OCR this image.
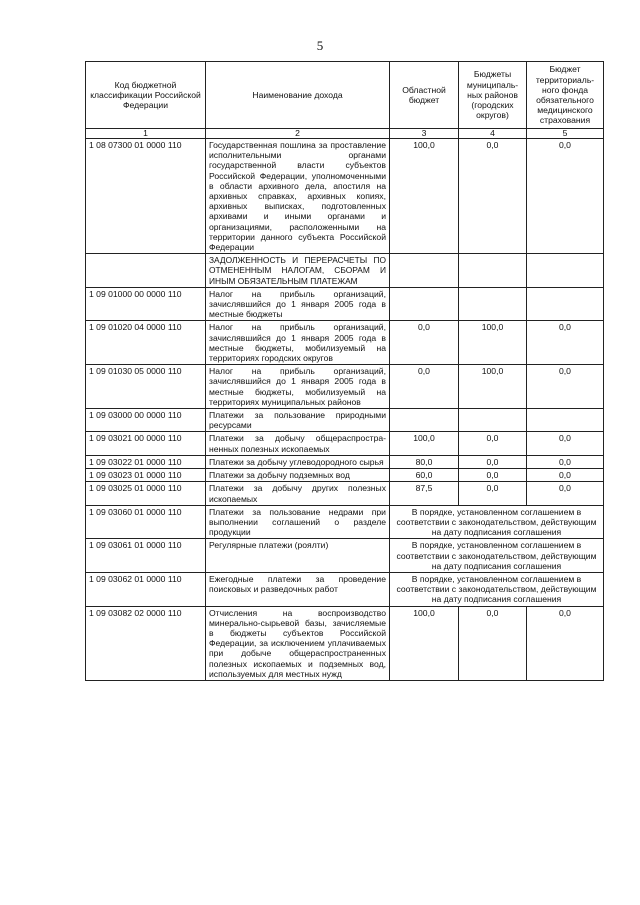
5
Код бюджетной классификации Российской Федерации	Наименование дохода	Областной бюджет	Бюджеты муниципаль-ных районов (городских округов)	Бюджет территориаль-ного фонда обязательного медицинского страхования
1	2	3	4	5
1 08 07300 01 0000 110	Государственная пошлина за проставление исполнительными органами государственной власти субъектов Российской Федерации, уполномоченными в области архивного дела, апостиля на архивных справках, архивных копиях, архивных выписках, подготовленных архивами и иными органами и организациями, расположенными на территории данного субъекта Российской Федерации	100,0	0,0	0,0
	ЗАДОЛЖЕННОСТЬ И ПЕРЕРАСЧЕТЫ ПО ОТМЕНЕННЫМ НАЛОГАМ, СБОРАМ И ИНЫМ ОБЯЗАТЕЛЬНЫМ ПЛАТЕЖАМ			
1 09 01000 00 0000 110	Налог на прибыль организаций, зачислявшийся до 1 января 2005 года в местные бюджеты			
1 09 01020 04 0000 110	Налог на прибыль организаций, зачислявшийся до 1 января 2005 года в местные бюджеты, мобилизуемый на территориях городских округов	0,0	100,0	0,0
1 09 01030 05 0000 110	Налог на прибыль организаций, зачислявшийся до 1 января 2005 года в местные бюджеты, мобилизуемый на территориях муниципальных районов	0,0	100,0	0,0
1 09 03000 00 0000 110	Платежи за пользование природными ресурсами			
1 09 03021 00 0000 110	Платежи за добычу общераспростра-ненных полезных ископаемых	100,0	0,0	0,0
1 09 03022 01 0000 110	Платежи за добычу углеводородного сырья	80,0	0,0	0,0
1 09 03023 01 0000 110	Платежи за добычу подземных вод	60,0	0,0	0,0
1 09 03025 01 0000 110	Платежи за добычу других полезных ископаемых	87,5	0,0	0,0
1 09 03060 01 0000 110	Платежи за пользование недрами при выполнении соглашений о разделе продукции	В порядке, установленном соглашением в соответствии с законодательством, действующим на дату подписания соглашения		
1 09 03061 01 0000 110	Регулярные платежи (роялти)	В порядке, установленном соглашением в соответствии с законодательством, действующим на дату подписания соглашения		
1 09 03062 01 0000 110	Ежегодные платежи за проведение поисковых и разведочных работ	В порядке, установленном соглашением в соответствии с законодательством, действующим на дату подписания соглашения		
1 09 03082 02 0000 110	Отчисления на воспроизводство минерально-сырьевой базы, зачисляемые в бюджеты субъектов Российской Федерации, за исключением уплачиваемых при добыче общераспространенных полезных ископаемых и подземных вод, используемых для местных нужд	100,0	0,0	0,0
